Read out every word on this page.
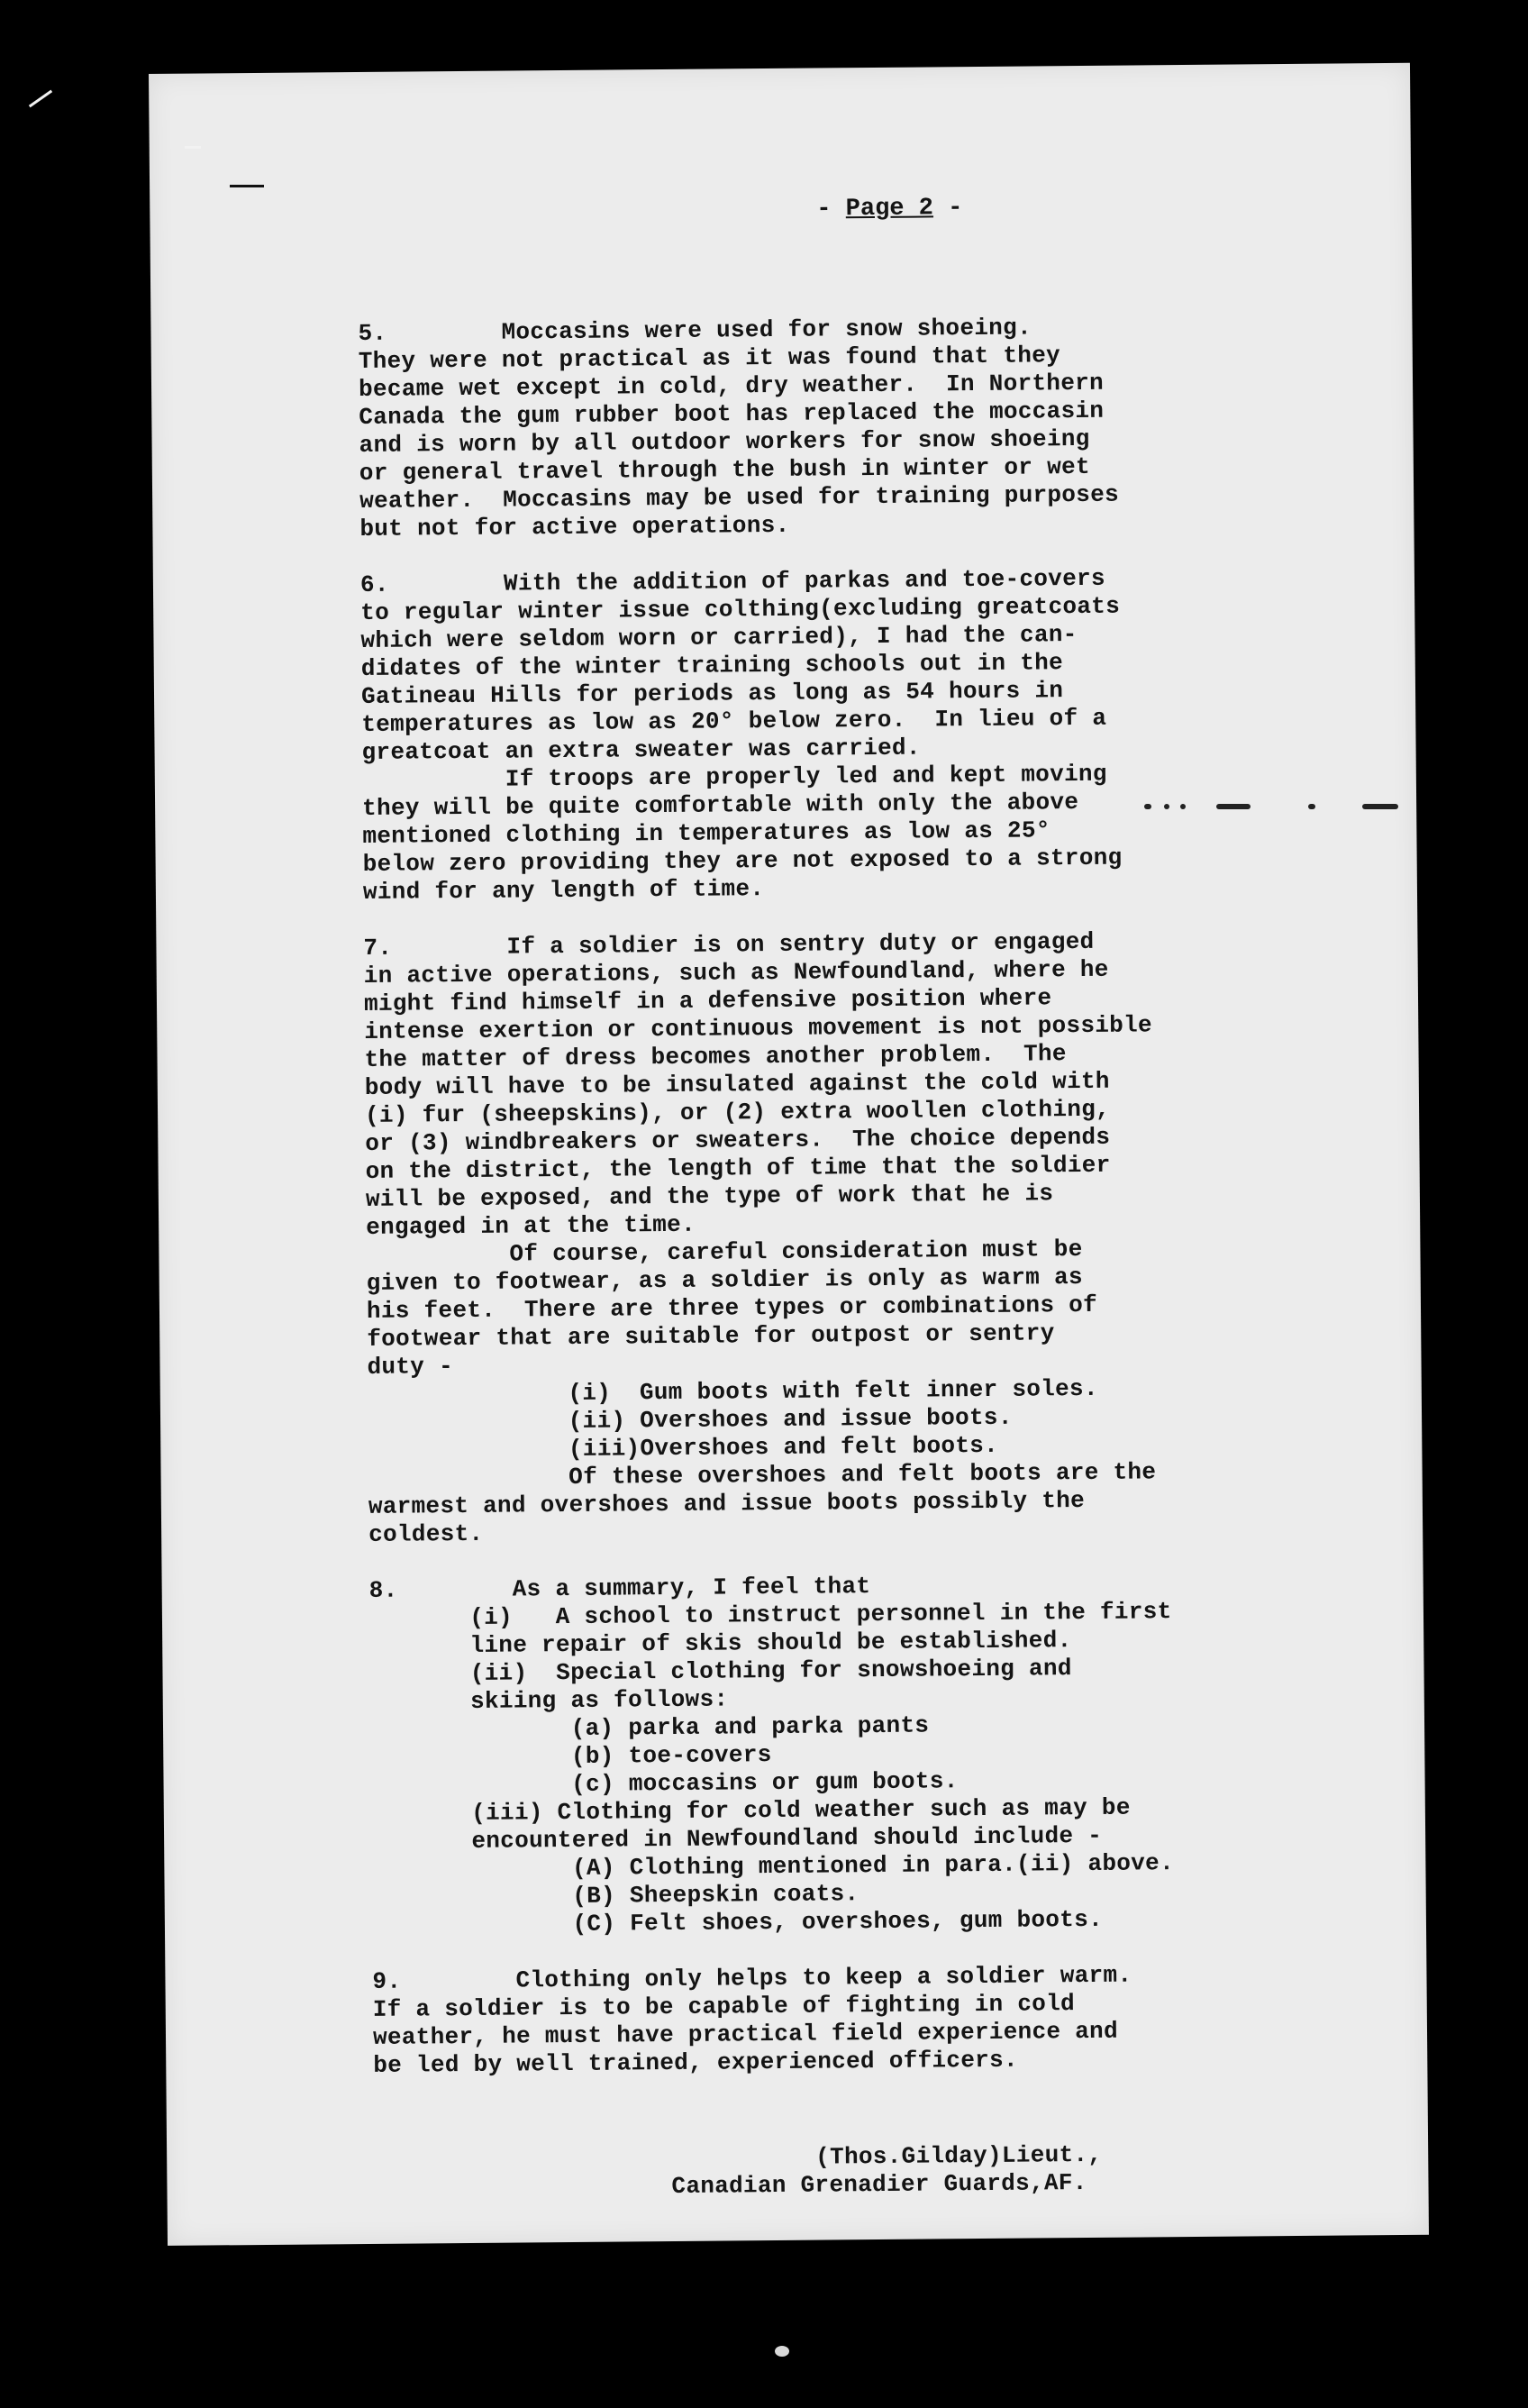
- Page 2 -
5.        Moccasins were used for snow shoeing.
They were not practical as it was found that they
became wet except in cold, dry weather.  In Northern
Canada the gum rubber boot has replaced the moccasin
and is worn by all outdoor workers for snow shoeing
or general travel through the bush in winter or wet
weather.  Moccasins may be used for training purposes
but not for active operations.
6.        With the addition of parkas and toe-covers
to regular winter issue colthing(excluding greatcoats
which were seldom worn or carried), I had the can-
didates of the winter training schools out in the
Gatineau Hills for periods as long as 54 hours in
temperatures as low as 20° below zero.  In lieu of a
greatcoat an extra sweater was carried.
If troops are properly led and kept moving
they will be quite comfortable with only the above
mentioned clothing in temperatures as low as 25°
below zero providing they are not exposed to a strong
wind for any length of time.
7.        If a soldier is on sentry duty or engaged
in active operations, such as Newfoundland, where he
might find himself in a defensive position where
intense exertion or continuous movement is not possible
the matter of dress becomes another problem.  The
body will have to be insulated against the cold with
(i) fur (sheepskins), or (2) extra woollen clothing,
or (3) windbreakers or sweaters.  The choice depends
on the district, the length of time that the soldier
will be exposed, and the type of work that he is
engaged in at the time.
Of course, careful consideration must be
given to footwear, as a soldier is only as warm as
his feet.  There are three types or combinations of
footwear that are suitable for outpost or sentry
duty -
(i)  Gum boots with felt inner soles.
(ii) Overshoes and issue boots.
(iii)Overshoes and felt boots.
Of these overshoes and felt boots are the
warmest and overshoes and issue boots possibly the
coldest.
8.        As a summary, I feel that
(i)   A school to instruct personnel in the first
line repair of skis should be established.
(ii)  Special clothing for snowshoeing and
skiing as follows:
(a) parka and parka pants
(b) toe-covers
(c) moccasins or gum boots.
(iii) Clothing for cold weather such as may be
encountered in Newfoundland should include -
(A) Clothing mentioned in para.(ii) above.
(B) Sheepskin coats.
(C) Felt shoes, overshoes, gum boots.
9.        Clothing only helps to keep a soldier warm.
If a soldier is to be capable of fighting in cold
weather, he must have practical field experience and
be led by well trained, experienced officers.
(Thos.Gilday)Lieut.,
Canadian Grenadier Guards,AF.
